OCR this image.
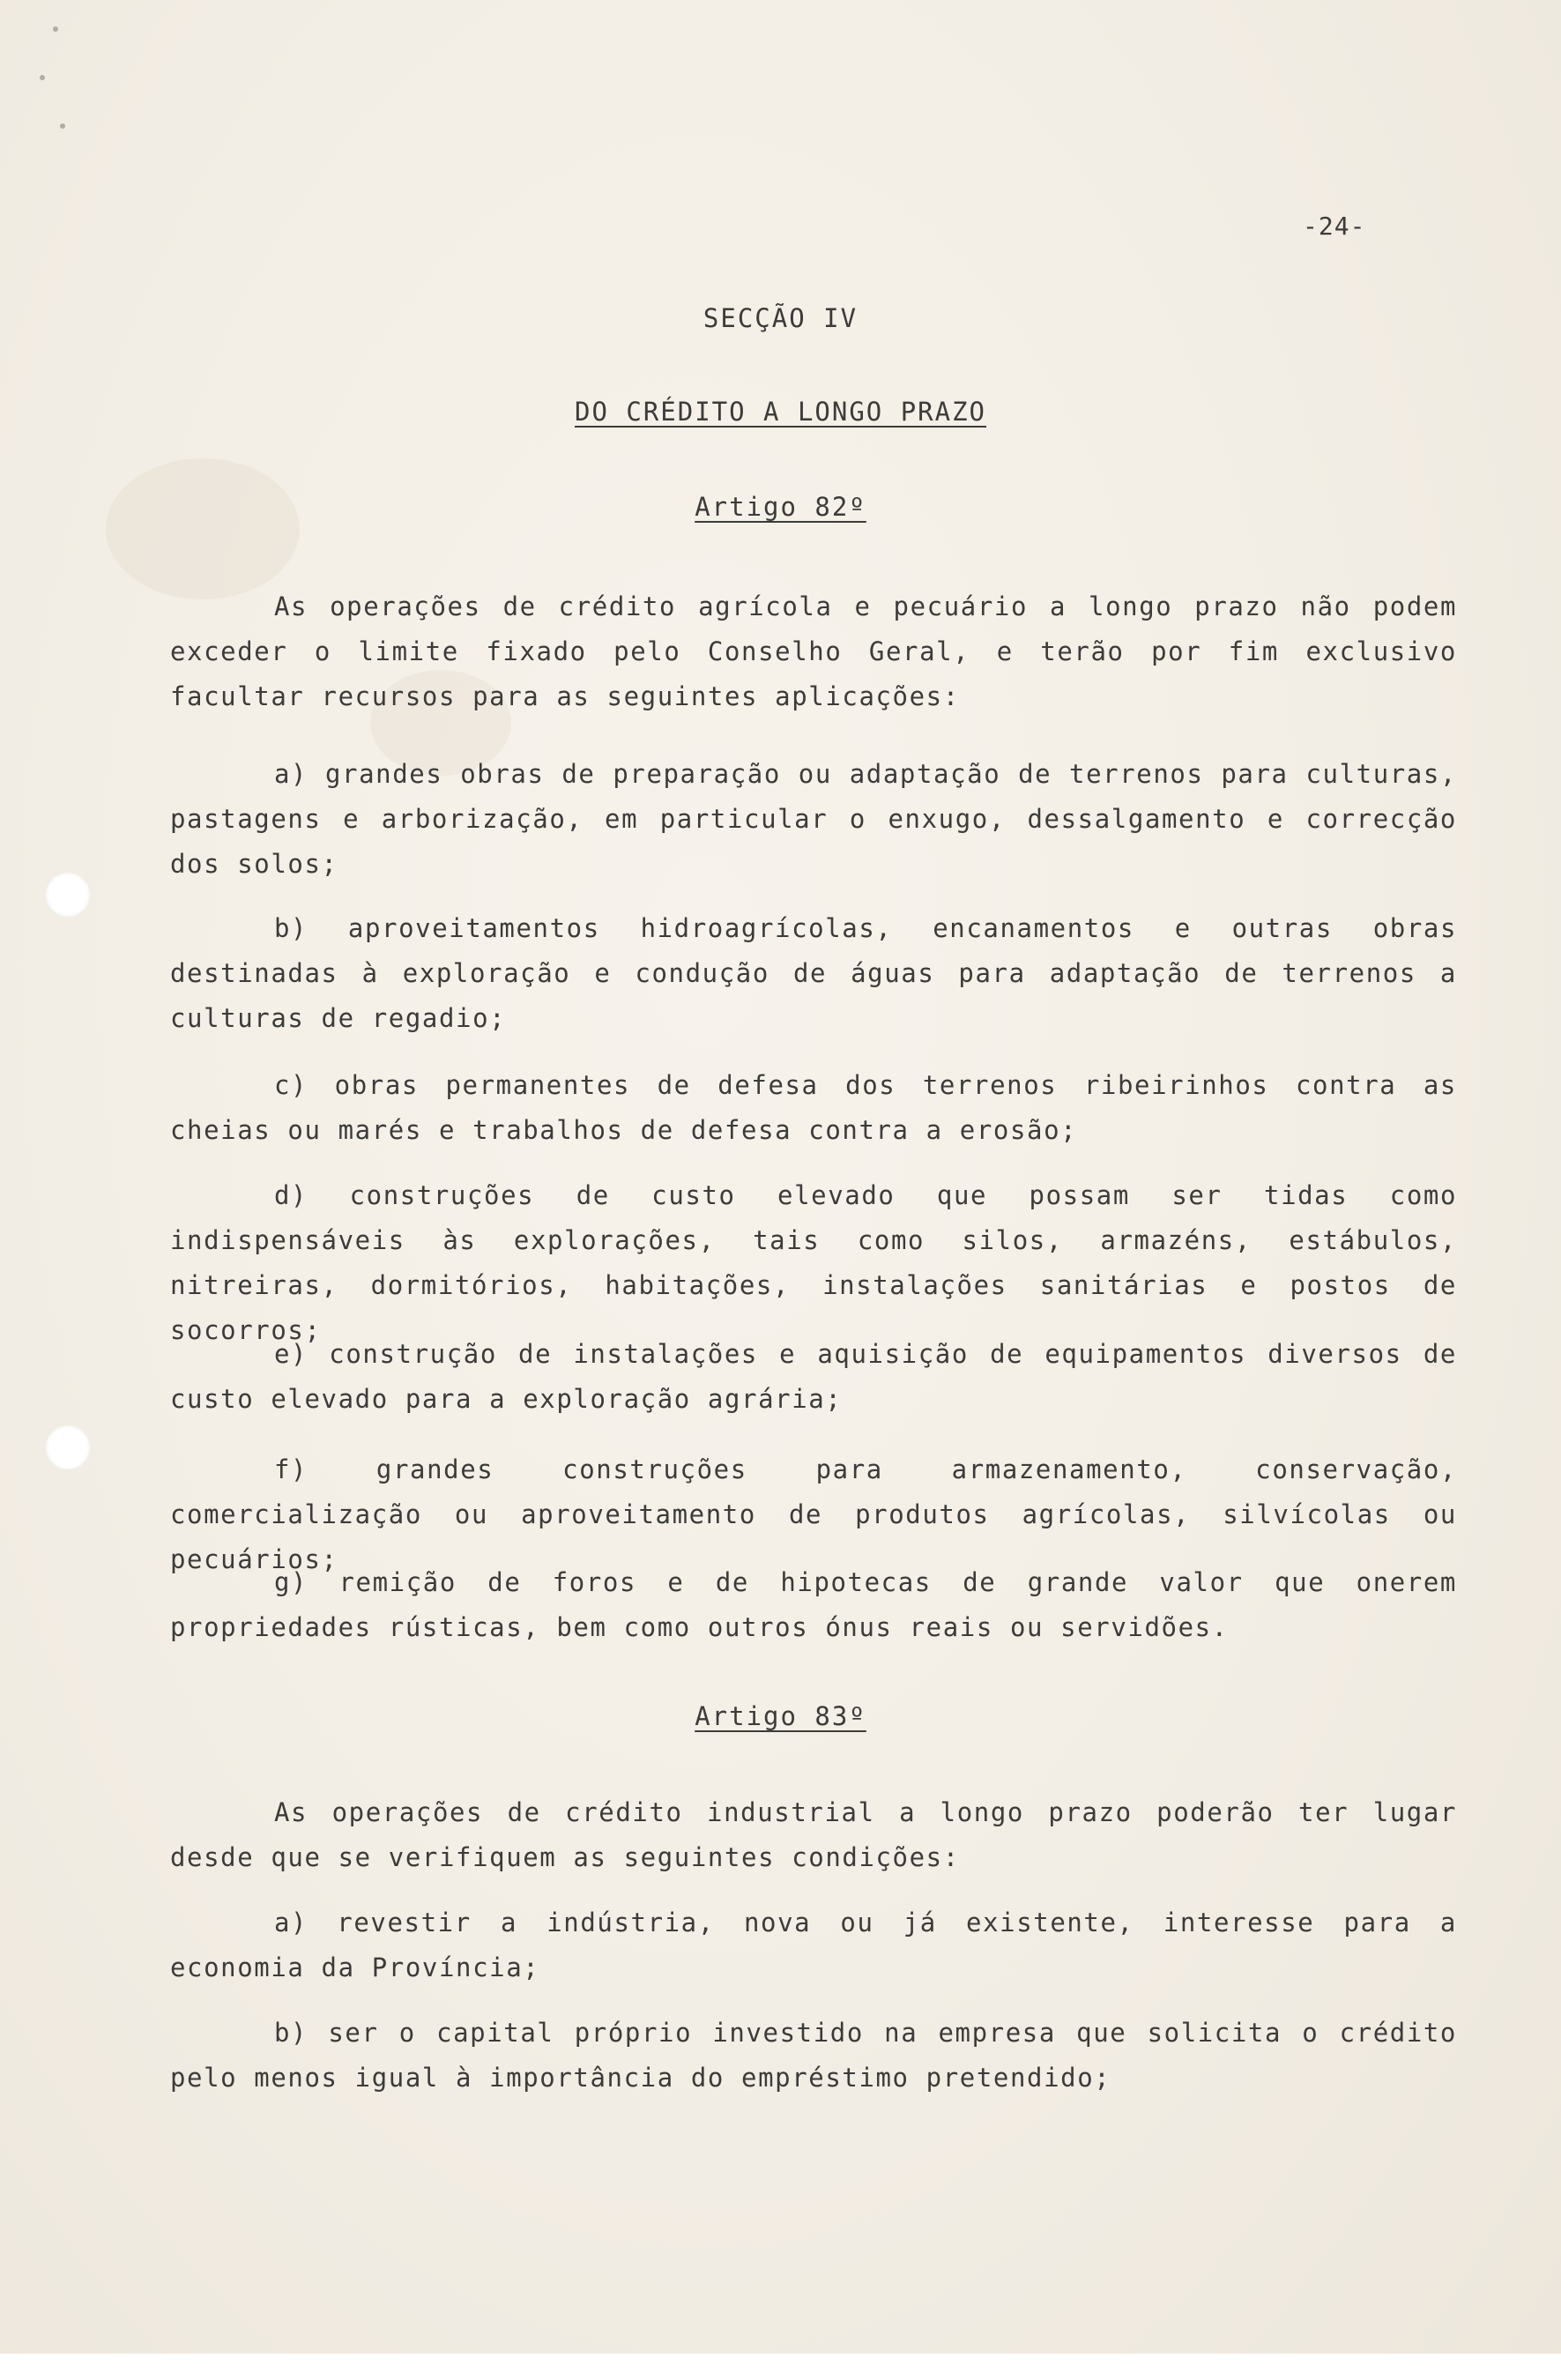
-24-

SECÇÃO IV

DO CRÉDITO A LONGO PRAZO

Artigo 82º

As operações de crédito agrícola e pecuário a longo prazo não podem exceder o limite fixado pelo Conselho Geral, e terão por fim exclusivo facultar recursos para as seguintes aplicações:

a) grandes obras de preparação ou adaptação de terrenos para culturas, pastagens e arborização, em particular o enxugo, dessalgamento e correcção dos solos;

b) aproveitamentos hidroagrícolas, encanamentos e outras obras destinadas à exploração e condução de águas para adaptação de terrenos a culturas de regadio;

c) obras permanentes de defesa dos terrenos ribeirinhos contra as cheias ou marés e trabalhos de defesa contra a erosão;

d) construções de custo elevado que possam ser tidas como indispensáveis às explorações, tais como silos, armazéns, estábulos, nitreiras, dormitórios, habitações, instalações sanitárias e postos de socorros;

e) construção de instalações e aquisição de equipamentos diversos de custo elevado para a exploração agrária;

f) grandes construções para armazenamento, conservação, comercialização ou aproveitamento de produtos agrícolas, silvícolas ou pecuários;

g) remição de foros e de hipotecas de grande valor que onerem propriedades rústicas, bem como outros ónus reais ou servidões.

Artigo 83º

As operações de crédito industrial a longo prazo poderão ter lugar desde que se verifiquem as seguintes condições:

a) revestir a indústria, nova ou já existente, interesse para a economia da Província;

b) ser o capital próprio investido na empresa que solicita o crédito pelo menos igual à importância do empréstimo pretendido;
